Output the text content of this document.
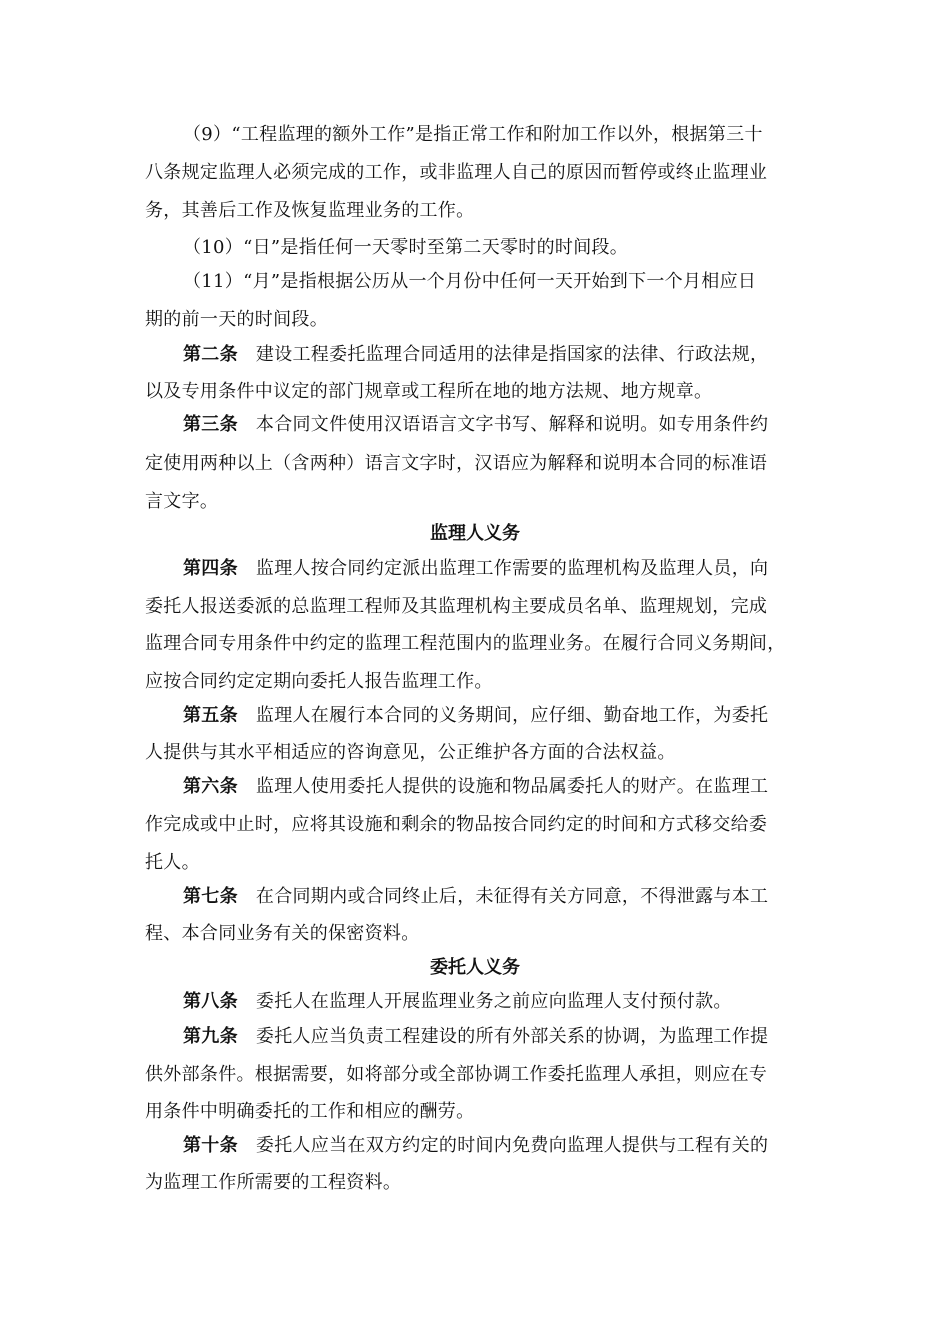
（9）“工程监理的额外工作”是指正常工作和附加工作以外，根据第三十
八条规定监理人必须完成的工作，或非监理人自己的原因而暂停或终止监理业
务，其善后工作及恢复监理业务的工作。
（10）“日”是指任何一天零时至第二天零时的时间段。
（11）“月”是指根据公历从一个月份中任何一天开始到下一个月相应日
期的前一天的时间段。
第二条 建设工程委托监理合同适用的法律是指国家的法律、行政法规，
以及专用条件中议定的部门规章或工程所在地的地方法规、地方规章。
第三条 本合同文件使用汉语语言文字书写、解释和说明。如专用条件约
定使用两种以上（含两种）语言文字时，汉语应为解释和说明本合同的标准语
言文字。
监理人义务
第四条 监理人按合同约定派出监理工作需要的监理机构及监理人员，向
委托人报送委派的总监理工程师及其监理机构主要成员名单、监理规划，完成
监理合同专用条件中约定的监理工程范围内的监理业务。在履行合同义务期间，
应按合同约定定期向委托人报告监理工作。
第五条 监理人在履行本合同的义务期间，应仔细、勤奋地工作，为委托
人提供与其水平相适应的咨询意见，公正维护各方面的合法权益。
第六条 监理人使用委托人提供的设施和物品属委托人的财产。在监理工
作完成或中止时，应将其设施和剩余的物品按合同约定的时间和方式移交给委
托人。
第七条 在合同期内或合同终止后，未征得有关方同意，不得泄露与本工
程、本合同业务有关的保密资料。
委托人义务
第八条 委托人在监理人开展监理业务之前应向监理人支付预付款。
第九条 委托人应当负责工程建设的所有外部关系的协调，为监理工作提
供外部条件。根据需要，如将部分或全部协调工作委托监理人承担，则应在专
用条件中明确委托的工作和相应的酬劳。
第十条 委托人应当在双方约定的时间内免费向监理人提供与工程有关的
为监理工作所需要的工程资料。
